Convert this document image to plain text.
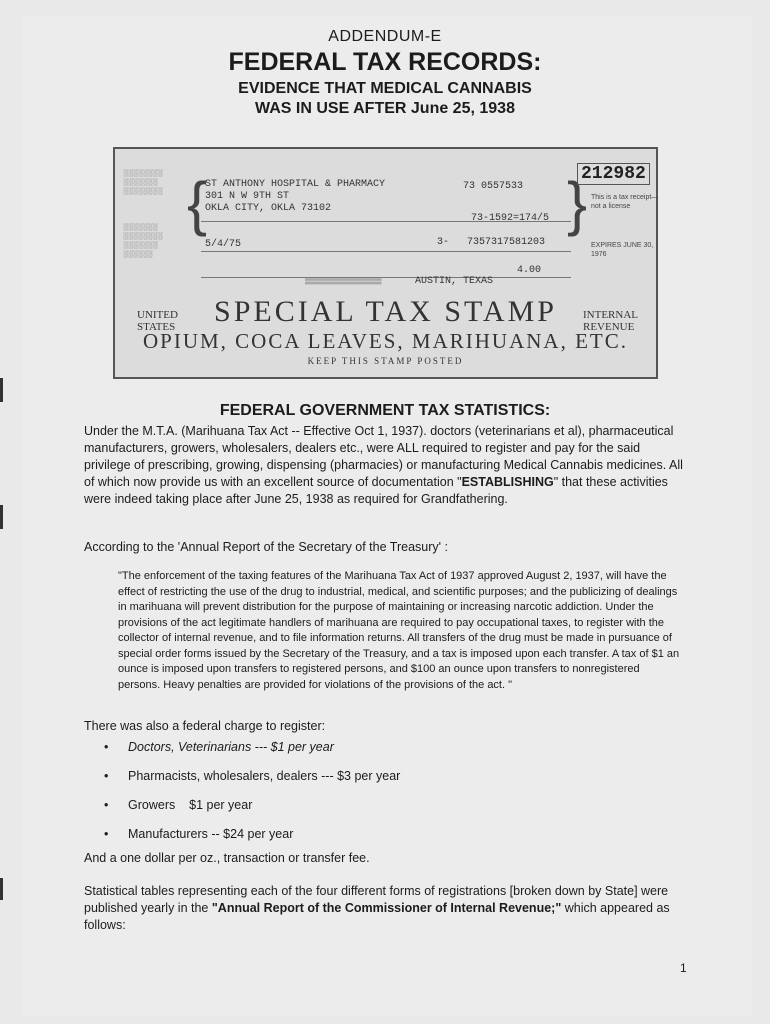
ADDENDUM-E
FEDERAL TAX RECORDS:
EVIDENCE THAT MEDICAL CANNABIS
WAS IN USE AFTER June 25, 1938
░░░░░░░░
░░░░░░░
░░░░░░░░
░░░░░░░
░░░░░░░░
░░░░░░░
░░░░░░
{
ST ANTHONY HOSPITAL & PHARMACY
301 N W 9TH ST
OKLA CITY, OKLA 73102
73 0557533
73-1592=174/5
5/4/75	3- 7357317581203
4.00
}
212982
This is a tax receipt—not a license
EXPIRES JUNE 30, 1976
▒▒▒▒▒▒▒▒▒▒▒▒▒▒▒▒▒▒	AUSTIN, TEXAS
UNITED
STATES
INTERNAL
REVENUE
SPECIAL TAX STAMP
OPIUM, COCA LEAVES, MARIHUANA, ETC.
KEEP THIS STAMP POSTED
FEDERAL GOVERNMENT TAX STATISTICS:
Under the M.T.A. (Marihuana Tax Act -- Effective Oct 1, 1937). doctors (veterinarians et al), pharmaceutical manufacturers, growers, wholesalers, dealers etc., were ALL required to register and pay for the said privilege of prescribing, growing, dispensing (pharmacies) or manufacturing Medical Cannabis medicines. All of which now provide us with an excellent source of documentation "ESTABLISHING" that these activities were indeed taking place after June 25, 1938 as required for Grandfathering.
According to the 'Annual Report of the Secretary of the Treasury' :
"The enforcement of the taxing features of the Marihuana Tax Act of 1937 approved August 2, 1937, will have the effect of restricting the use of the drug to industrial, medical, and scientific purposes; and the publicizing of dealings in marihuana will prevent distribution for the purpose of maintaining or increasing narcotic addiction. Under the provisions of the act legitimate handlers of marihuana are required to pay occupational taxes, to register with the collector of internal revenue, and to file information returns. All transfers of the drug must be made in pursuance of special order forms issued by the Secretary of the Treasury, and a tax is imposed upon each transfer. A tax of $1 an ounce is imposed upon transfers to registered persons, and $100 an ounce upon transfers to nonregistered persons. Heavy penalties are provided for violations of the provisions of the act. "
There was also a federal charge to register:
•	Doctors, Veterinarians --- $1 per year
•	Pharmacists, wholesalers, dealers --- $3 per year
•	Growers    $1 per year
•	Manufacturers -- $24 per year
And a one dollar per oz., transaction or transfer fee.
Statistical tables representing each of the four different forms of registrations [broken down by State] were published yearly in the "Annual Report of the Commissioner of Internal Revenue;" which appeared as follows:
1
